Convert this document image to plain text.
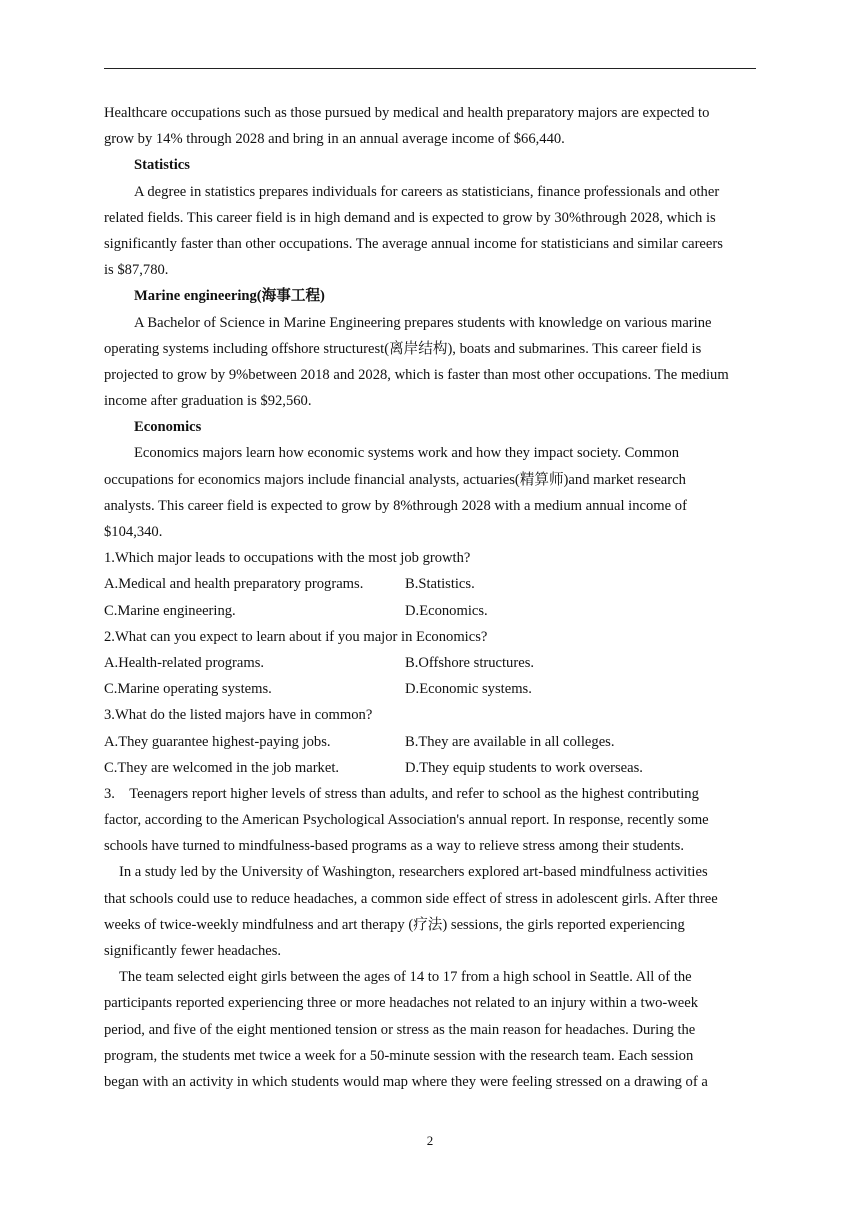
Healthcare occupations such as those pursued by medical and health preparatory majors are expected to
grow by 14% through 2028 and bring in an annual average income of $66,440.
Statistics
A degree in statistics prepares individuals for careers as statisticians, finance professionals and other
related fields. This career field is in high demand and is expected to grow by 30%through 2028, which is
significantly faster than other occupations. The average annual income for statisticians and similar careers
is $87,780.
Marine engineering(海事工程)
A Bachelor of Science in Marine Engineering prepares students with knowledge on various marine
operating systems including offshore structurest(离岸结构), boats and submarines. This career field is
projected to grow by 9%between 2018 and 2028, which is faster than most other occupations. The medium
income after graduation is $92,560.
Economics
Economics majors learn how economic systems work and how they impact society. Common
occupations for economics majors include financial analysts, actuaries(精算师)and market research
analysts. This career field is expected to grow by 8%through 2028 with a medium annual income of
$104,340.
1.Which major leads to occupations with the most job growth?
A.Medical and health preparatory programs.	B.Statistics.
C.Marine engineering.	D.Economics.
2.What can you expect to learn about if you major in Economics?
A.Health-related programs.	B.Offshore structures.
C.Marine operating systems.	D.Economic systems.
3.What do the listed majors have in common?
A.They guarantee highest-paying jobs.	B.They are available in all colleges.
C.They are welcomed in the job market.	D.They equip students to work overseas.
3.    Teenagers report higher levels of stress than adults, and refer to school as the highest contributing
factor, according to the American Psychological Association's annual report. In response, recently some
schools have turned to mindfulness-based programs as a way to relieve stress among their students.
In a study led by the University of Washington, researchers explored art-based mindfulness activities
that schools could use to reduce headaches, a common side effect of stress in adolescent girls. After three
weeks of twice-weekly mindfulness and art therapy (疗法) sessions, the girls reported experiencing
significantly fewer headaches.
The team selected eight girls between the ages of 14 to 17 from a high school in Seattle. All of the
participants reported experiencing three or more headaches not related to an injury within a two-week
period, and five of the eight mentioned tension or stress as the main reason for headaches. During the
program, the students met twice a week for a 50-minute session with the research team. Each session
began with an activity in which students would map where they were feeling stressed on a drawing of a
2
